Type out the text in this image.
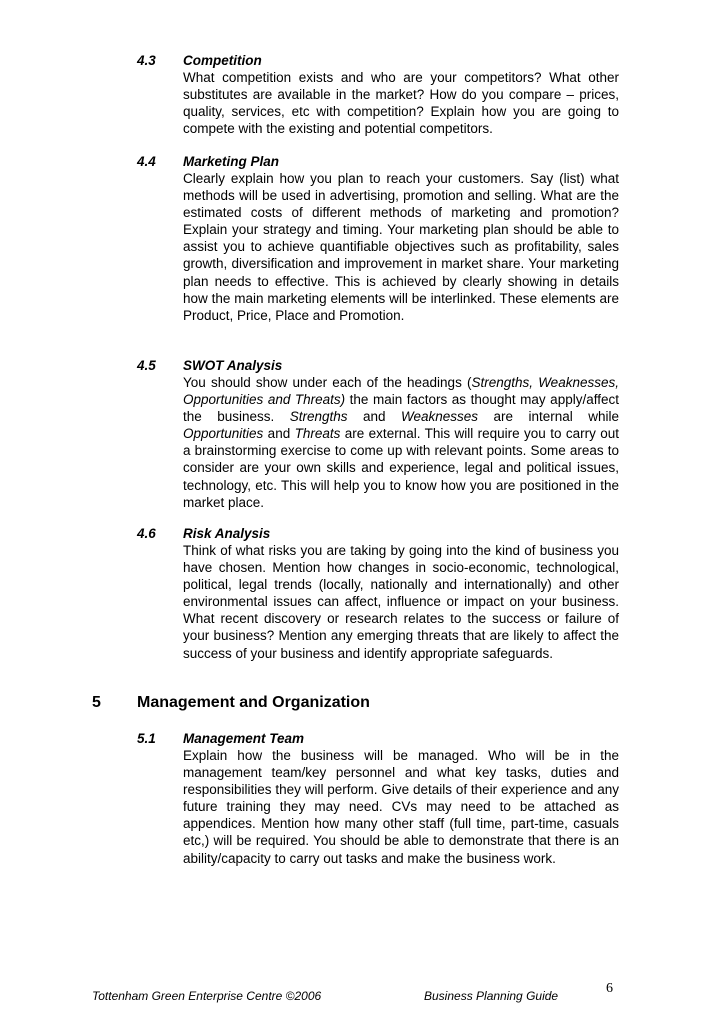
4.3 Competition
What competition exists and who are your competitors? What other substitutes are available in the market? How do you compare – prices, quality, services, etc with competition? Explain how you are going to compete with the existing and potential competitors.
4.4 Marketing Plan
Clearly explain how you plan to reach your customers. Say (list) what methods will be used in advertising, promotion and selling. What are the estimated costs of different methods of marketing and promotion? Explain your strategy and timing. Your marketing plan should be able to assist you to achieve quantifiable objectives such as profitability, sales growth, diversification and improvement in market share. Your marketing plan needs to effective. This is achieved by clearly showing in details how the main marketing elements will be interlinked. These elements are Product, Price, Place and Promotion.
4.5 SWOT Analysis
You should show under each of the headings (Strengths, Weaknesses, Opportunities and Threats) the main factors as thought may apply/affect the business. Strengths and Weaknesses are internal while Opportunities and Threats are external. This will require you to carry out a brainstorming exercise to come up with relevant points. Some areas to consider are your own skills and experience, legal and political issues, technology, etc. This will help you to know how you are positioned in the market place.
4.6 Risk Analysis
Think of what risks you are taking by going into the kind of business you have chosen. Mention how changes in socio-economic, technological, political, legal trends (locally, nationally and internationally) and other environmental issues can affect, influence or impact on your business. What recent discovery or research relates to the success or failure of your business? Mention any emerging threats that are likely to affect the success of your business and identify appropriate safeguards.
5 Management and Organization
5.1 Management Team
Explain how the business will be managed. Who will be in the management team/key personnel and what key tasks, duties and responsibilities they will perform. Give details of their experience and any future training they may need. CVs may need to be attached as appendices. Mention how many other staff (full time, part-time, casuals etc,) will be required. You should be able to demonstrate that there is an ability/capacity to carry out tasks and make the business work.
Tottenham Green Enterprise Centre ©2006	Business Planning Guide	6
